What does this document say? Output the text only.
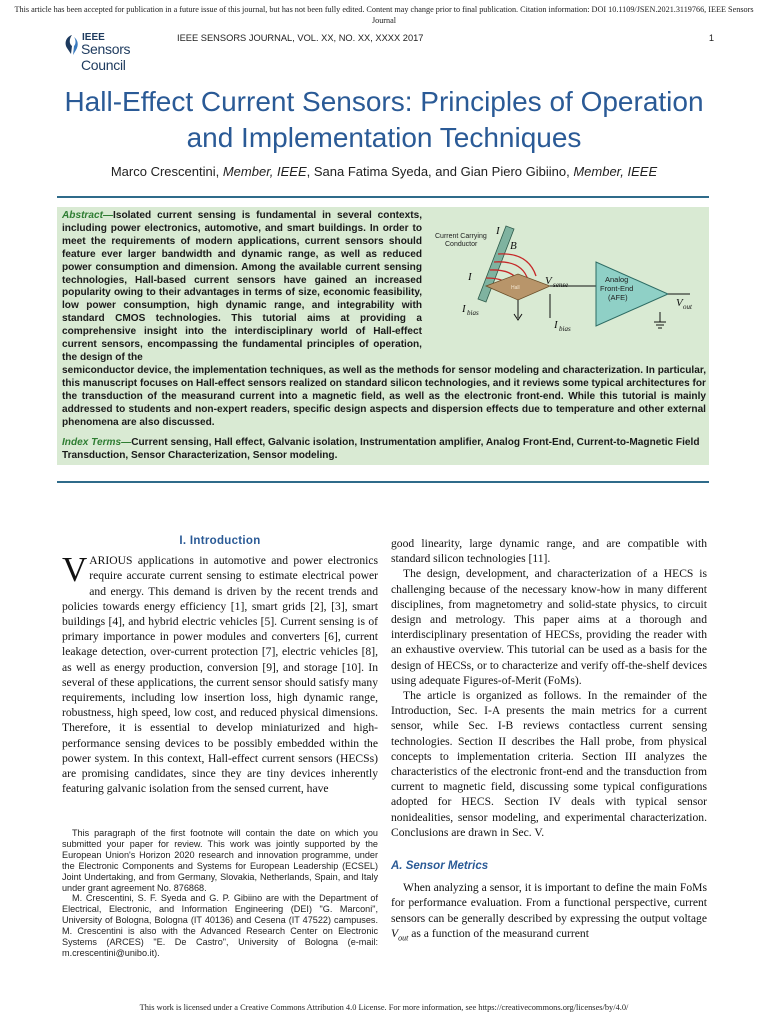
This article has been accepted for publication in a future issue of this journal, but has not been fully edited. Content may change prior to final publication. Citation information: DOI 10.1109/JSEN.2021.3119766, IEEE Sensors Journal
IEEE
Sensors Council
IEEE SENSORS JOURNAL, VOL. XX, NO. XX, XXXX 2017	1
Hall-Effect Current Sensors: Principles of Operation and Implementation Techniques
Marco Crescentini, Member, IEEE, Sana Fatima Syeda, and Gian Piero Gibiino, Member, IEEE
Abstract—Isolated current sensing is fundamental in several contexts, including power electronics, automotive, and smart buildings. In order to meet the requirements of modern applications, current sensors should feature ever larger bandwidth and dynamic range, as well as reduced power consumption and dimension. Among the available current sensing technologies, Hall-based current sensors have gained an increased popularity owing to their advantages in terms of size, economic feasibility, low power consumption, high dynamic range, and integrability with standard CMOS technologies. This tutorial aims at providing a comprehensive insight into the interdisciplinary world of Hall-effect current sensors, encompassing the fundamental principles of operation, the design of the
Current Carrying
Conductor
I
I
B
Hall
V sense
I bias
I bias
Analog
Front-End
(AFE)	V out
semiconductor device, the implementation techniques, as well as the methods for sensor modeling and characterization. In particular, this manuscript focuses on Hall-effect sensors realized on standard silicon technologies, and it reviews some typical architectures for the transduction of the measurand current into a magnetic field, as well as the electronic front-end. While this tutorial is mainly addressed to students and non-expert readers, specific design aspects and dispersion effects due to temperature and other external phenomena are also discussed.
Index Terms—Current sensing, Hall effect, Galvanic isolation, Instrumentation amplifier, Analog Front-End, Current-to-Magnetic Field Transduction, Sensor Characterization, Sensor modeling.
I. Introduction

VARIOUS applications in automotive and power electronics require accurate current sensing to estimate electrical power and energy. This demand is driven by the recent trends and policies towards energy efficiency [1], smart grids [2], [3], smart buildings [4], and hybrid electric vehicles [5]. Current sensing is of primary importance in power modules and converters [6], current leakage detection, over-current protection [7], electric vehicles [8], as well as energy production, conversion [9], and storage [10]. In several of these applications, the current sensor should satisfy many requirements, including low insertion loss, high dynamic range, robustness, high speed, low cost, and reduced physical dimensions. Therefore, it is essential to develop miniaturized and high-performance sensing devices to be possibly embedded within the power system. In this context, Hall-effect current sensors (HECSs) are promising candidates, since they are tiny devices inherently featuring galvanic isolation from the sensed current, have

This paragraph of the first footnote will contain the date on which you submitted your paper for review. This work was jointly supported by the European Union's Horizon 2020 research and innovation programme, under the Electronic Components and Systems for European Leadership (ECSEL) Joint Undertaking, and from Germany, Slovakia, Netherlands, Spain, and Italy under grant agreement No. 876868.

M. Crescentini, S. F. Syeda and G. P. Gibiino are with the Department of Electrical, Electronic, and Information Engineering (DEI) "G. Marconi", University of Bologna, Bologna (IT 40136) and Cesena (IT 47522) campuses. M. Crescentini is also with the Advanced Research Center on Electronic Systems (ARCES) "E. De Castro", University of Bologna (e-mail: m.crescentini@unibo.it).

good linearity, large dynamic range, and are compatible with standard silicon technologies [11].

The design, development, and characterization of a HECS is challenging because of the necessary know-how in many different disciplines, from magnetometry and solid-state physics, to circuit design and metrology. This paper aims at a thorough and interdisciplinary presentation of HECSs, providing the reader with an exhaustive overview. This tutorial can be used as a basis for the design of HECSs, or to characterize and verify off-the-shelf devices using adequate Figures-of-Merit (FoMs).

The article is organized as follows. In the remainder of the Introduction, Sec. I-A presents the main metrics for a current sensor, while Sec. I-B reviews contactless current sensing technologies. Section II describes the Hall probe, from physical concepts to implementation criteria. Section III analyzes the characteristics of the electronic front-end and the transduction from current to magnetic field, discussing some typical configurations adopted for HECS. Section IV deals with typical sensor nonidealities, sensor modeling, and experimental characterization. Conclusions are drawn in Sec. V.

A. Sensor Metrics

When analyzing a sensor, it is important to define the main FoMs for performance evaluation. From a functional perspective, current sensors can be generally described by expressing the output voltage $V_{out}$ as a function of the measurand current

This work is licensed under a Creative Commons Attribution 4.0 License. For more information, see https://creativecommons.org/licenses/by/4.0/
